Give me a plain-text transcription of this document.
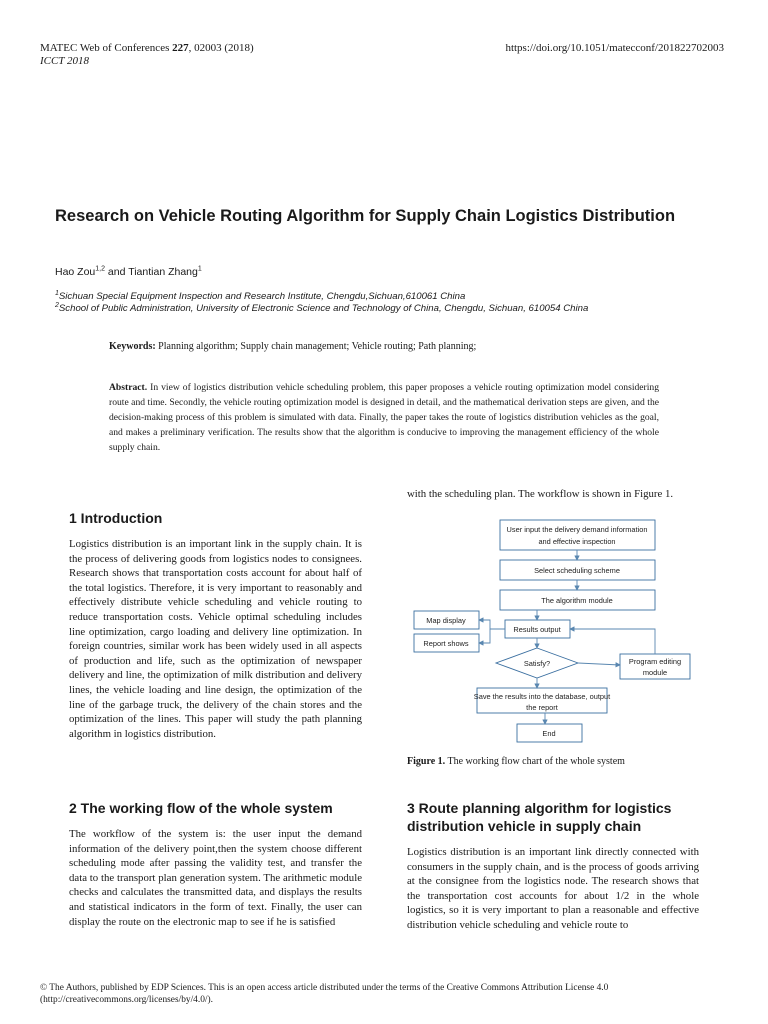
MATEC Web of Conferences 227, 02003 (2018)
ICCT 2018
https://doi.org/10.1051/matecconf/201822702003
Research on Vehicle Routing Algorithm for Supply Chain Logistics Distribution
Hao Zou$^{1,2}$ and Tiantian Zhang$^1$
$^1$Sichuan Special Equipment Inspection and Research Institute, Chengdu,Sichuan,610061 China
$^2$School of Public Administration, University of Electronic Science and Technology of China, Chengdu, Sichuan, 610054 China
Keywords: Planning algorithm; Supply chain management; Vehicle routing; Path planning;
Abstract. In view of logistics distribution vehicle scheduling problem, this paper proposes a vehicle routing optimization model considering route and time. Secondly, the vehicle routing optimization model is designed in detail, and the mathematical derivation steps are given, and the decision-making process of this problem is simulated with data. Finally, the paper takes the route of logistics distribution vehicles as the goal, and makes a preliminary verification. The results show that the algorithm is conducive to improving the management efficiency of the whole supply chain.
1 Introduction
Logistics distribution is an important link in the supply chain. It is the process of delivering goods from logistics nodes to consignees. Research shows that transportation costs account for about half of the total logistics. Therefore, it is very important to reasonably and effectively distribute vehicle scheduling and vehicle routing to reduce transportation costs. Vehicle optimal scheduling includes line optimization, cargo loading and delivery line optimization. In foreign countries, similar work has been widely used in all aspects of production and life, such as the optimization of newspaper delivery and line, the optimization of milk distribution and delivery lines, the vehicle loading and line design, the optimization of the line of the garbage truck, the delivery of the chain stores and the optimization of the lines. This paper will study the path planning algorithm in logistics distribution.
2 The working flow of the whole system
The workflow of the system is: the user input the demand information of the delivery point,then the system choose different scheduling mode after passing the validity test, and transfer the data to the transport plan generation system. The arithmetic module checks and calculates the transmitted data, and displays the results and statistical indicators in the form of text. Finally, the user can display the route on the electronic map to see if he is satisfied
with the scheduling plan. The workflow is shown in Figure 1.
User input the delivery demand information
and effective inspection
Select scheduling scheme
The algorithm module
Results output
Map display
Report shows
Satisfy?	Program editing
module
Save the results into the database, output
the report
End
Figure 1. The working flow chart of the whole system
3 Route planning algorithm for logistics distribution vehicle in supply chain
Logistics distribution is an important link directly connected with consumers in the supply chain, and is the process of goods arriving at the consignee from the logistics node. The research shows that the transportation cost accounts for about 1/2 in the whole logistics, so it is very important to plan a reasonable and effective distribution vehicle scheduling and vehicle route to
© The Authors, published by EDP Sciences. This is an open access article distributed under the terms of the Creative Commons Attribution License 4.0
(http://creativecommons.org/licenses/by/4.0/).
